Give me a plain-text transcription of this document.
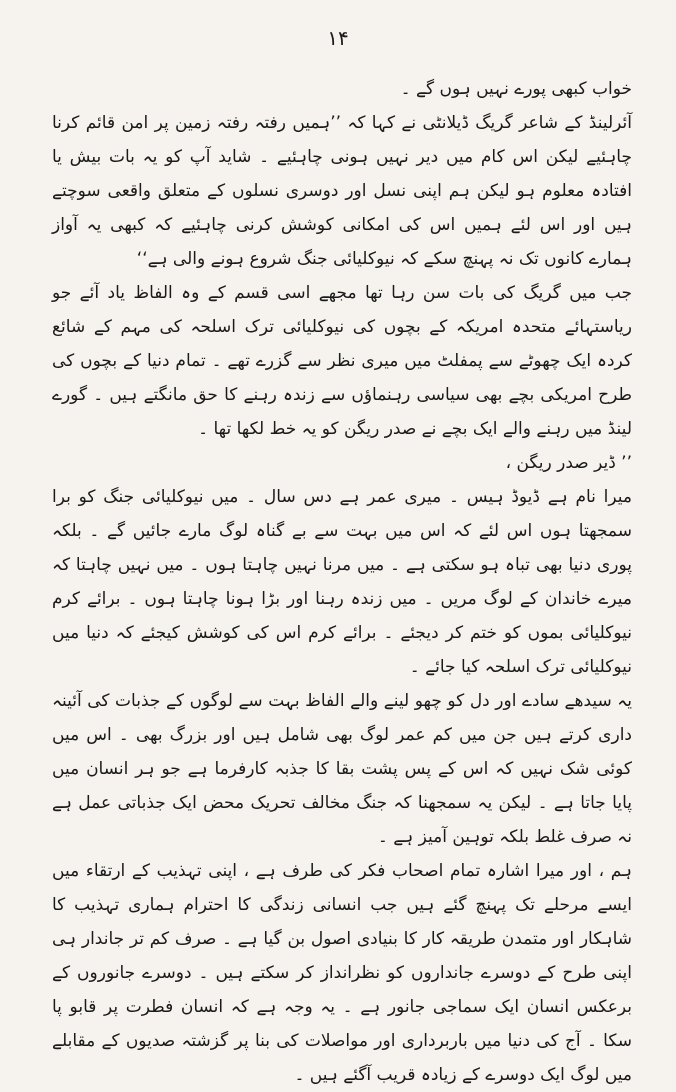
۱۴

خواب کبھی پورے نہیں ہوں گے ۔

آئرلینڈ کے شاعر گریگ ڈیلانٹی نے کہا کہ ’’ہمیں رفتہ رفتہ زمین پر امن قائم کرنا چاہئیے لیکن اس کام میں دیر نہیں ہونی چاہئیے ۔ شاید آپ کو یہ بات بیش یا افتادہ معلوم ہو لیکن ہم اپنی نسل اور دوسری نسلوں کے متعلق واقعی سوچتے ہیں اور اس لئے ہمیں اس کی امکانی کوشش کرنی چاہئیے کہ کبھی یہ آواز ہمارے کانوں تک نہ پہنچ سکے کہ نیوکلیائی جنگ شروع ہونے والی ہے‘‘

جب میں گریگ کی بات سن رہا تھا مجھے اسی قسم کے وہ الفاظ یاد آئے جو ریاستہائے متحدہ امریکہ کے بچوں کی نیوکلیائی ترک اسلحہ کی مہم کے شائع کردہ ایک چھوٹے سے پمفلٹ میں میری نظر سے گزرے تھے ۔ تمام دنیا کے بچوں کی طرح امریکی بچے بھی سیاسی رہنماؤں سے زندہ رہنے کا حق مانگتے ہیں ۔ گورے لینڈ میں رہنے والے ایک بچے نے صدر ریگن کو یہ خط لکھا تھا ۔

’’ ڈیر صدر ریگن ،

میرا نام ہے ڈیوڈ ہیس ۔ میری عمر ہے دس سال ۔ میں نیوکلیائی جنگ کو برا سمجھتا ہوں اس لئے کہ اس میں بہت سے بے گناہ لوگ مارے جائیں گے ۔ بلکہ پوری دنیا بھی تباہ ہو سکتی ہے ۔ میں مرنا نہیں چاہتا ہوں ۔ میں نہیں چاہتا کہ میرے خاندان کے لوگ مریں ۔ میں زندہ رہنا اور بڑا ہونا چاہتا ہوں ۔ برائے کرم نیوکلیائی بموں کو ختم کر دیجئے ۔ برائے کرم اس کی کوشش کیجئے کہ دنیا میں نیوکلیائی ترک اسلحہ کیا جائے ۔

یہ سیدھے سادے اور دل کو چھو لینے والے الفاظ بہت سے لوگوں کے جذبات کی آئینہ داری کرتے ہیں جن میں کم عمر لوگ بھی شامل ہیں اور بزرگ بھی ۔ اس میں کوئی شک نہیں کہ اس کے پس پشت بقا کا جذبہ کارفرما ہے جو ہر انسان میں پایا جاتا ہے ۔ لیکن یہ سمجھنا کہ جنگ مخالف تحریک محض ایک جذباتی عمل ہے نہ صرف غلط بلکہ توہین آمیز ہے ۔

ہم ، اور میرا اشارہ تمام اصحاب فکر کی طرف ہے ، اپنی تہذیب کے ارتقاء میں ایسے مرحلے تک پہنچ گئے ہیں جب انسانی زندگی کا احترام ہماری تہذیب کا شاہکار اور متمدن طریقہ کار کا بنیادی اصول بن گیا ہے ۔ صرف کم تر جاندار ہی اپنی طرح کے دوسرے جانداروں کو نظرانداز کر سکتے ہیں ۔ دوسرے جانوروں کے برعکس انسان ایک سماجی جانور ہے ۔ یہ وجہ ہے کہ انسان فطرت پر قابو پا سکا ۔ آج کی دنیا میں باربرداری اور مواصلات کی بنا پر گزشتہ صدیوں کے مقابلے میں لوگ ایک دوسرے کے زیادہ قریب آگئے ہیں ۔
